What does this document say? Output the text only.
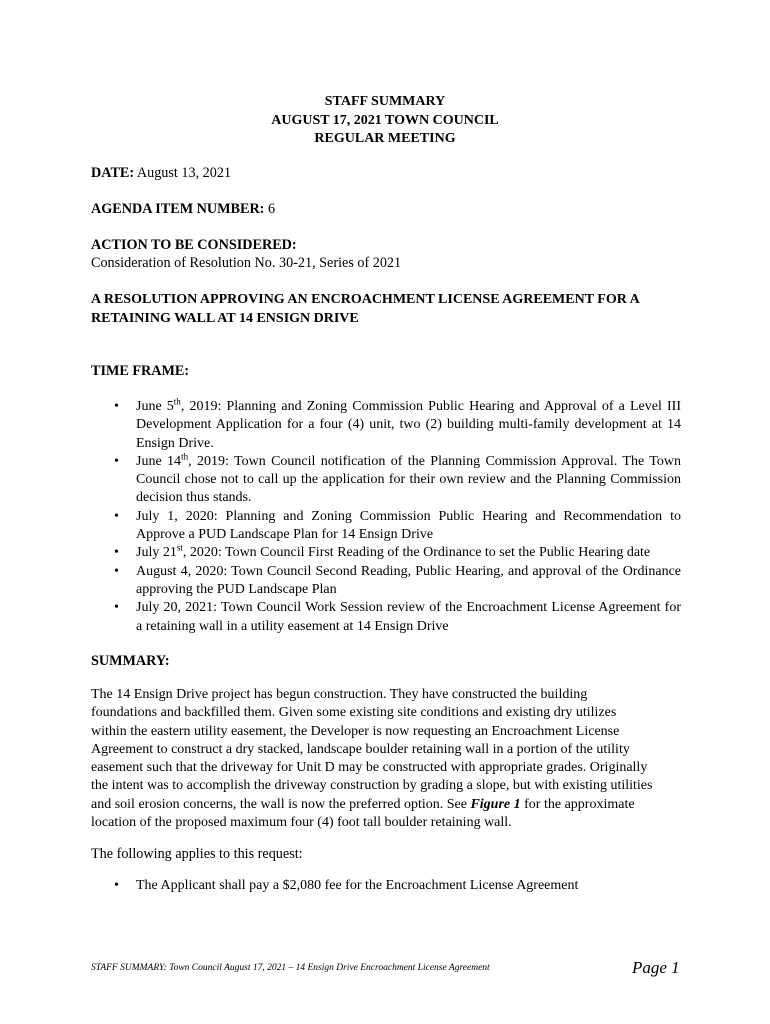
STAFF SUMMARY
AUGUST 17, 2021 TOWN COUNCIL
REGULAR MEETING
DATE: August 13, 2021
AGENDA ITEM NUMBER: 6
ACTION TO BE CONSIDERED:
Consideration of Resolution No. 30-21, Series of 2021
A RESOLUTION APPROVING AN ENCROACHMENT LICENSE AGREEMENT FOR A
RETAINING WALL AT 14 ENSIGN DRIVE
TIME FRAME:
• June 5th, 2019: Planning and Zoning Commission Public Hearing and Approval of a Level III Development Application for a four (4) unit, two (2) building multi-family development at 14 Ensign Drive.
• June 14th, 2019: Town Council notification of the Planning Commission Approval. The Town Council chose not to call up the application for their own review and the Planning Commission decision thus stands.
• July 1, 2020: Planning and Zoning Commission Public Hearing and Recommendation to Approve a PUD Landscape Plan for 14 Ensign Drive
• July 21st, 2020: Town Council First Reading of the Ordinance to set the Public Hearing date
• August 4, 2020: Town Council Second Reading, Public Hearing, and approval of the Ordinance approving the PUD Landscape Plan
• July 20, 2021: Town Council Work Session review of the Encroachment License Agreement for a retaining wall in a utility easement at 14 Ensign Drive
SUMMARY:
The 14 Ensign Drive project has begun construction. They have constructed the building
foundations and backfilled them. Given some existing site conditions and existing dry utilizes
within the eastern utility easement, the Developer is now requesting an Encroachment License
Agreement to construct a dry stacked, landscape boulder retaining wall in a portion of the utility
easement such that the driveway for Unit D may be constructed with appropriate grades. Originally
the intent was to accomplish the driveway construction by grading a slope, but with existing utilities
and soil erosion concerns, the wall is now the preferred option. See Figure 1 for the approximate
location of the proposed maximum four (4) foot tall boulder retaining wall.
The following applies to this request:
• The Applicant shall pay a $2,080 fee for the Encroachment License Agreement
STAFF SUMMARY: Town Council August 17, 2021 – 14 Ensign Drive Encroachment License Agreement	Page 1
